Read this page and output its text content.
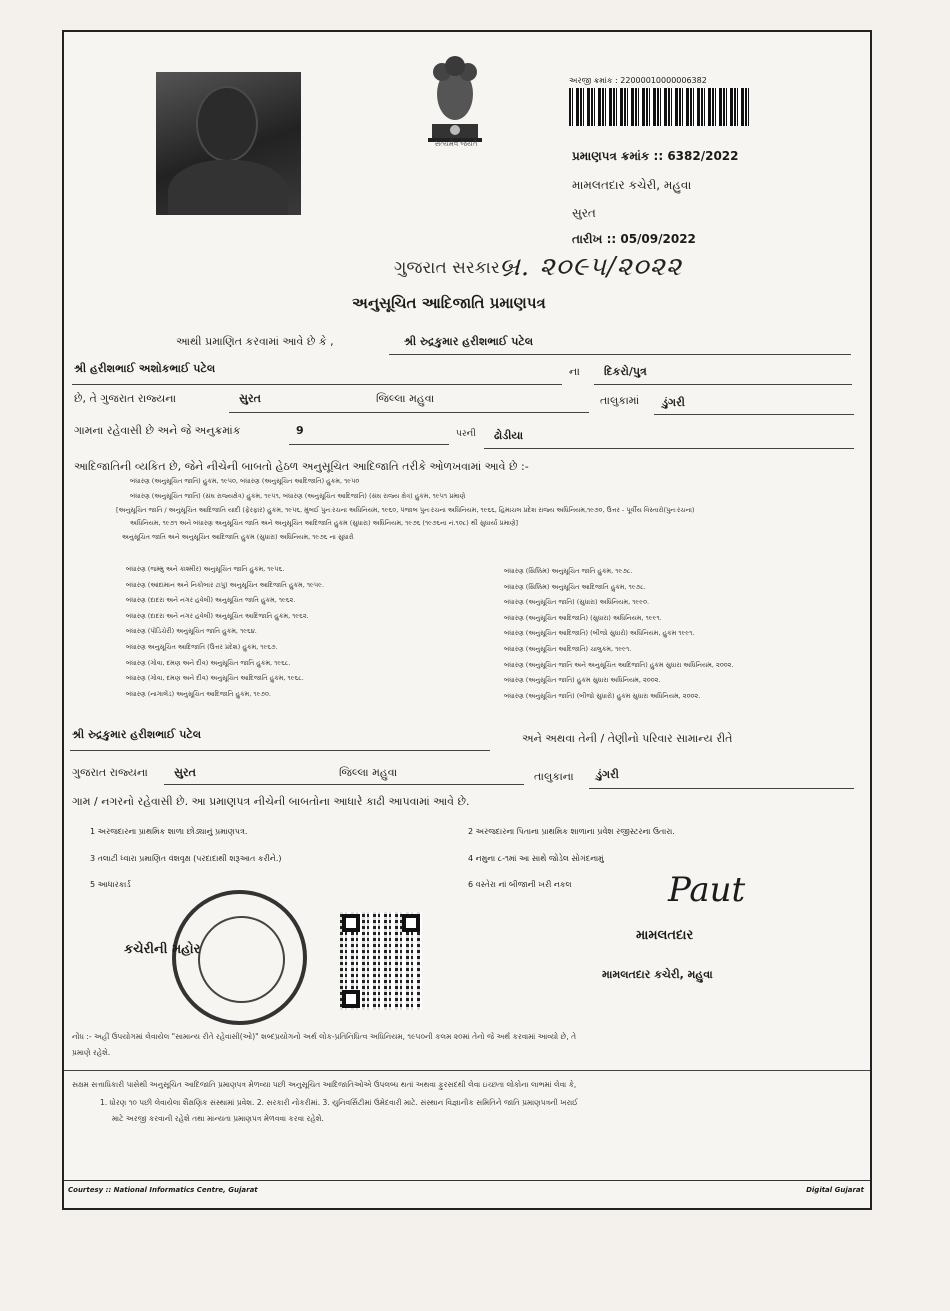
સત્યમેવ જયતે
અરજી ક્રમાંક : 22000010000006382
પ્રમાણપત્ર ક્રમાંક :: 6382/2022
મામલતદાર કચેરી, મહુવા
સુરત
તારીખ :: 05/09/2022
ગુજરાત સરકાર બ્ર. ૨૦૯૫/૨૦૨૨
અનુસૂચિત આદિજાતિ પ્રમાણપત્ર
આથી પ્રમાણિત કરવામાં આવે છે કે ,	શ્રી રુદ્રકુમાર હરીશભાઈ પટેલ
શ્રી હરીશભાઈ અશોકભાઈ પટેલ	ના દિકરો/પુત્ર
છે, તે ગુજરાત રાજ્યના	સુરત	જિલ્લા મહુવા	તાલુકામાં ડુંગરી
ગામના રહેવાસી છે અને જે અનુક્રમાંક	9	પરની ઢોડીયા
આદિજાતિની વ્યકિત છે, જેને નીચેની બાબતો હેઠળ અનુસૂચિત આદિજાતિ તરીકે ઓળખવામાં આવે છે :-
બંધારણ (અનુસૂચિત જાતિ) હુકમ, ૧૯૫૦, બંધારણ (અનુસૂચિત આદિજાતિ) હુકમ, ૧૯૫૦
બંધારણ (અનુસૂચિત જાતિ) (સંઘ રાજ્યક્ષેત્ર) હુકમ, ૧૯૫૧, બંધારણ (અનુસૂચિત આદિજાતિ) (સંઘ રાજ્ય ક્ષેત્ર) હુકમ, ૧૯૫૧ પ્રમાણે
[અનુસૂચિત જાતિ / અનુસૂચિત આદિજાતિ યાદી (ફેરફાર) હુકમ, ૧૯૫૬, મુંબઈ પુનઃરચના અધિનિયમ, ૧૯૬૦, પંજાબ પુનઃરચના અધિનિયમ, ૧૯૬૬, હિમાચલ પ્રદેશ રાજ્ય અધિનિયમ,૧૯૭૦, ઉત્તર - પૂર્વીય વિસ્તારો(પુનઃરચના)
અધિનિયમ, ૧૯૭૧ અને બંધારણ અનુસૂચિત જાતિ અને અનુસૂચિત આદિજાતિ હુકમ (સુધારા) અધિનિયમ, ૧૯૭૬ (૧૯૭૬ના નં.૧૦૮) થી સુધાર્યા પ્રમાણે]
અનુસૂચિત જાતિ અને અનુસૂચિત આદિજાતિ હુકમ (સુધારા) અધિનિયમ, ૧૯૭૬ ના સુધારો
બંધારણ (જમ્મુ અને કાશ્મીર) અનુસૂચિત જાતિ હુકમ, ૧૯૫૬.
બંધારણ (આંદામાન અને નિકોબાર ટાપુ) અનુસૂચિત આદિજાતિ હુકમ, ૧૯૫૯.
બંધારણ (દાદરા અને નગર હવેલી) અનુસૂચિત જાતિ હુકમ, ૧૯૬૨.
બંધારણ (દાદરા અને નગર હવેલી) અનુસૂચિત આદિજાતિ હુકમ, ૧૯૬૨.
બંધારણ (પોંડિચેરી) અનુસૂચિત જાતિ હુકમ, ૧૯૬૪.
બંધારણ અનુસૂચિત આદિજાતિ (ઉત્તર પ્રદેશ) હુકમ, ૧૯૬૭.
બંધારણ (ગોવા, દમણ અને દીવ) અનુસૂચિત જાતિ હુકમ, ૧૯૬૮.
બંધારણ (ગોવા, દમણ અને દીવ) અનુસૂચિત આદિજાતિ હુકમ, ૧૯૬૮.
બંધારણ (નાગાલેંડ) અનુસૂચિત આદિજાતિ હુકમ, ૧૯૭૦.
બંધારણ (સિક્કિમ) અનુસૂચિત જાતિ હુકમ, ૧૯૭૮.
બંધારણ (સિક્કિમ) અનુસૂચિત આદિજાતિ હુકમ, ૧૯૭૮.
બંધારણ (અનુસૂચિત જાતિ) (સુધારા) અધિનિયમ, ૧૯૯૦.
બંધારણ (અનુસૂચિત આદિજાતિ) (સુધારા) અધિનિયમ, ૧૯૯૧.
બંધારણ (અનુસૂચિત આદિજાતિ) (બીજો સુધારો) અધિનિયમ, હુકમ ૧૯૯૧.
બંધારણ (અનુસૂચિત આદિજાતિ) ચાલુકમ, ૧૯૯૧.
બંધારણ (અનુસૂચિત જાતિ અને અનુસૂચિત આદિજાતિ) હુકમ સુધારા અધિનિયમ, ૨૦૦૨.
બંધારણ (અનુસૂચિત જાતિ) હુકમ સુધારા અધિનિયમ, ૨૦૦૨.
બંધારણ (અનુસૂચિત જાતિ) (બીજો સુધારો) હુકમ સુધારા અધિનિયમ, ૨૦૦૨.
શ્રી રુદ્રકુમાર હરીશભાઈ પટેલ	અને અથવા તેની / તેણીનો પરિવાર સામાન્ય રીતે
ગુજરાત રાજ્યના સુરત	જિલ્લા મહુવા	તાલુકાના ડુંગરી
ગામ / નગરનો રહેવાસી છે. આ પ્રમાણપત્ર નીચેની બાબતોના આધારે કાઢી આપવામાં આવે છે.
1 અરજદારના પ્રાથમિક શાળા છોડ્યાનું પ્રમાણપત્ર.	2 અરજદારના પિતાના પ્રાથમિક શાળાના પ્રવેશ રજીસ્ટરના ઉતારા.
3 તલાટી ધ્વારા પ્રમાણિત વંશવૃક્ષ (પરદાદાથી શરૂઆત કરીને.)	4 નમુના ૮-૧માં આ સાથે જોડેલ સોગંદનામું
5 આધારકાર્ડ	6 વસ્તેરા નાં બીજાની ખરી નકલ
કચેરીની મહોર
Paut
મામલતદાર
મામલતદાર કચેરી, મહુવા
નોંધ :- અહીં ઉપયોગમાં લેવાયેલ "સામાન્ય રીતે રહેવાસી(ઓ)" શબ્દપ્રયોગનો અર્થ લોક-પ્રતિનિધિત્વ અધિનિયમ, ૧૯૫૦ની કલમ ૨૦માં તેનો જે અર્થ કરવામાં આવ્યો છે, તે
પ્રમાણે રહેશે.
સક્ષમ સત્તાધિકારી પાસેથી અનુસૂચિત આદિજાતિ પ્રમાણપત્ર મેળવ્યા પછી અનુસૂચિત આદિજાતિઓએ ઉપલબ્ધ થતાં અથવા ફુરસદથી લેવા ઇચ્છતા લોકોના લાભમાં લેવા કે,
1. ધોરણ ૧૦ પછી લેવાયેલા શૈક્ષણિક સંસ્થામાં પ્રવેશ. 2. સરકારી નોકરીમાં. 3. યુનિવર્સિટીમાં ઉમેદવારી માટે. સંસ્થાન વિજ્ઞાનીક સમિતિને જાતિ પ્રમાણપત્રની ખરાઈ
માટે અરજી કરવાની રહેશે તથા માન્યતા પ્રમાણપત્ર મેળવવા કરવા રહેશે.
Courtesy :: National Informatics Centre, Gujarat	Digital Gujarat
